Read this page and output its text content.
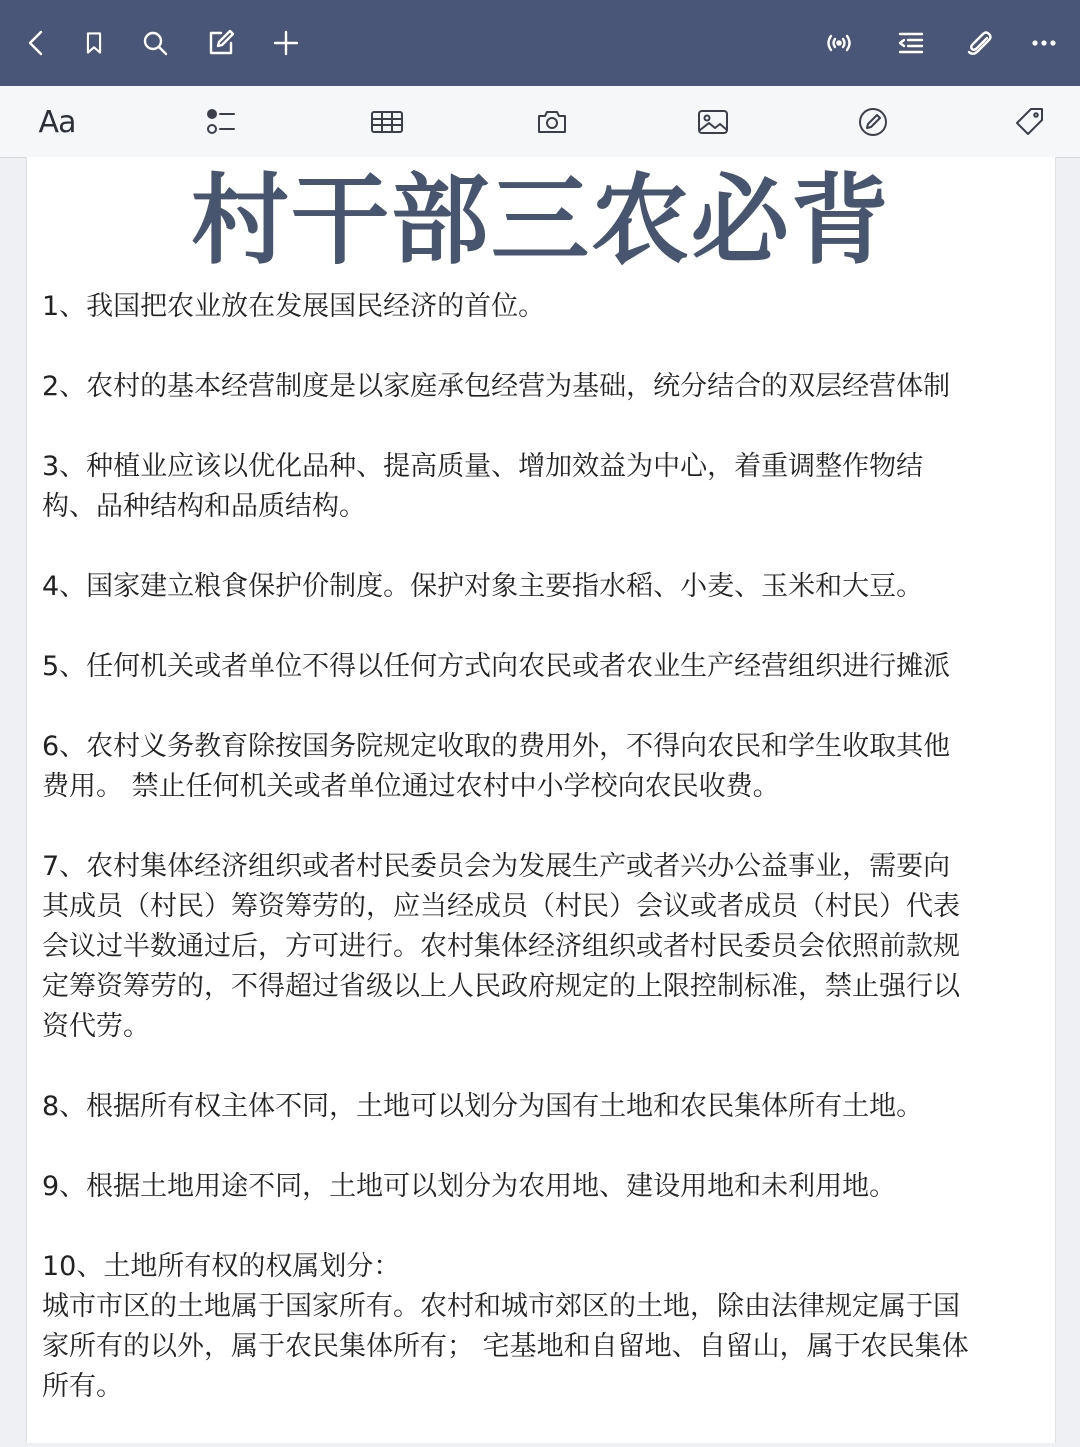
Aa
村干部三农必背
1、我国把农业放在发展国民经济的首位。
2、农村的基本经营制度是以家庭承包经营为基础，统分结合的双层经营体制
3、种植业应该以优化品种、提高质量、增加效益为中心，着重调整作物结
构、品种结构和品质结构。
4、国家建立粮食保护价制度。保护对象主要指水稻、小麦、玉米和大豆。
5、任何机关或者单位不得以任何方式向农民或者农业生产经营组织进行摊派
6、农村义务教育除按国务院规定收取的费用外，不得向农民和学生收取其他
费用。 禁止任何机关或者单位通过农村中小学校向农民收费。
7、农村集体经济组织或者村民委员会为发展生产或者兴办公益事业，需要向
其成员（村民）筹资筹劳的，应当经成员（村民）会议或者成员（村民）代表
会议过半数通过后，方可进行。农村集体经济组织或者村民委员会依照前款规
定筹资筹劳的，不得超过省级以上人民政府规定的上限控制标准，禁止强行以
资代劳。
8、根据所有权主体不同，土地可以划分为国有土地和农民集体所有土地。
9、根据土地用途不同，土地可以划分为农用地、建设用地和未利用地。
10、土地所有权的权属划分：
城市市区的土地属于国家所有。农村和城市郊区的土地，除由法律规定属于国
家所有的以外，属于农民集体所有； 宅基地和自留地、自留山，属于农民集体
所有。
